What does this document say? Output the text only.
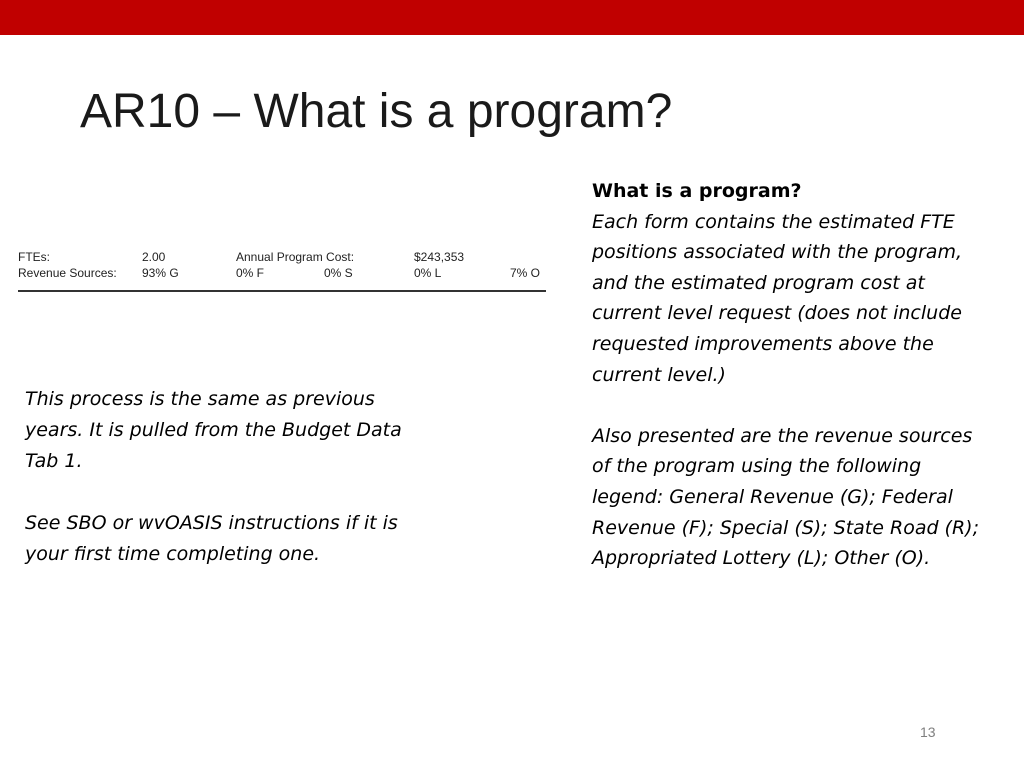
AR10 – What is a program?
FTEs:	2.00	Annual Program Cost:	$243,353
Revenue Sources: 93% G	0% F	0% S	0% L	7% O

This process is the same as previous years. It is pulled from the Budget Data Tab 1.

See SBO or wvOASIS instructions if it is your first time completing one.

What is a program?

Each form contains the estimated FTE positions associated with the program, and the estimated program cost at current level request (does not include requested improvements above the current level.)

Also presented are the revenue sources of the program using the following legend: General Revenue (G); Federal Revenue (F); Special (S); State Road (R); Appropriated Lottery (L); Other (O).

13
